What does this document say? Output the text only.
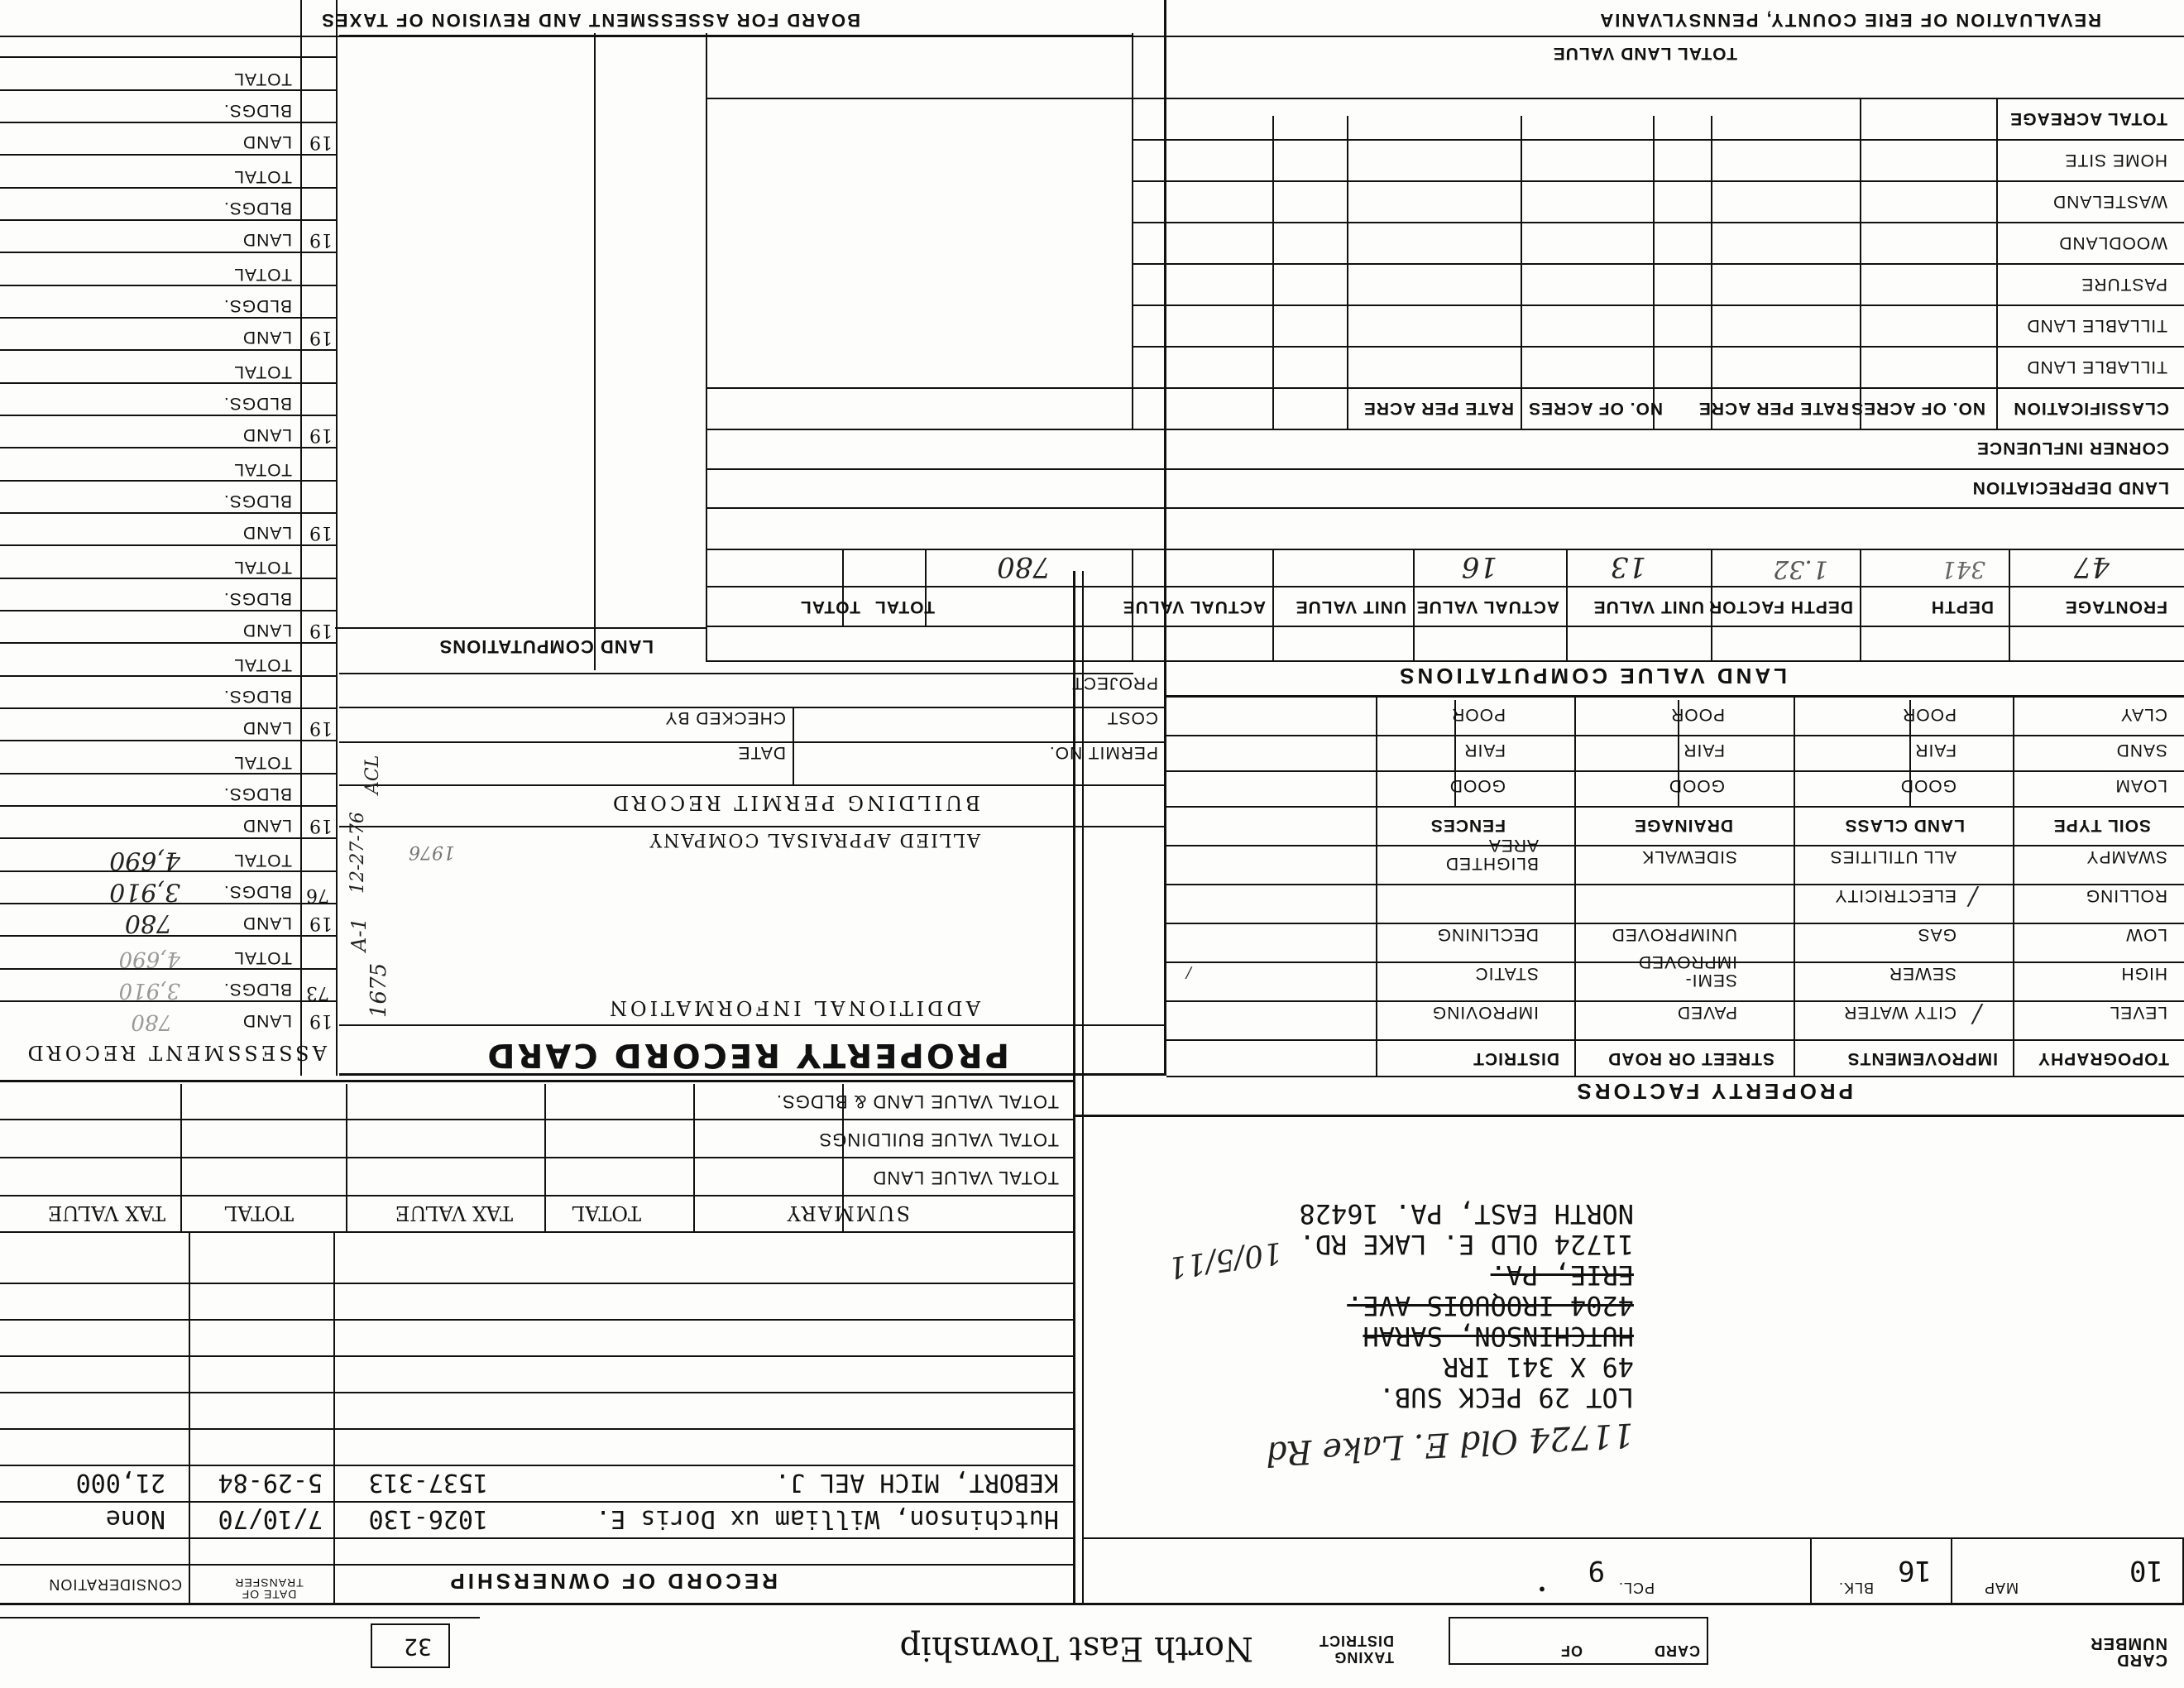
CARD NUMBER
CARD
OF
TAXING DISTRICT
North East Township
32
MAP
10
BLK.
16
PCL.
9
•
11724 Old E. Lake Rd
LOT 29 PECK SUB.
49 X 341 IRR
HUTCHINSON, SARAH
4204 IROQUOIS AVE.
ERIE, PA.
11724 OLD E. LAKE RD.
NORTH EAST, PA. 16428
10/5/11
RECORD OF OWNERSHIP
DATE OF TRANSFER
CONSIDERATION
Hutchinson, William ux Doris E.
1026-130
7/10/70
None
KEBORT, MICH AEL J.
1537-313
5-29-84
21,000
SUMMARY
TOTAL
TAX VALUE
TOTAL
TAX VALUE
TOTAL VALUE LAND
TOTAL VALUE BUILDINGS
TOTAL VALUE LAND & BLDGS.	PROPERTY FACTORS
TOPOGRAPHY
IMPROVEMENTS
STREET OR ROAD
DISTRICT
LEVEL
HIGH
LOW
ROLLING
SWAMPY
CITY WATER
SEWER
GAS
ELECTRICITY
ALL UTILITIES
PAVED
SEMI-IMPROVED
UNIMPROVED
SIDEWALK
IMPROVING
STATIC
DECLINING
BLIGHTED AREA
/
/
/
SOIL TYPE
LAND CLASS
DRAINAGE
FENCES
LOAM
SAND
CLAY
GOOD
FAIR
POOR
GOOD
FAIR
POOR
GOOD
FAIR
POOR
LAND VALUE COMPUTATIONS
FRONTAGE
DEPTH
DEPTH FACTOR
UNIT VALUE
ACTUAL VALUE
UNIT VALUE
ACTUAL VALUE
TOTAL
TOTAL
47
341
1.32
13
16
780
LAND DEPRECIATION
CORNER INFLUENCE
CLASSIFICATION
NO. OF ACRES
RATE PER ACRE
NO. OF ACRES
RATE PER ACRE
TILLABLE LAND
TILLABLE LAND
PASTURE
WOODLAND
WASTELAND
HOME SITE
TOTAL ACREAGE
TOTAL LAND VALUE
PROPERTY RECORD CARD
ADDITIONAL INFORMATION
ASSESSMENT RECORD
ALLIED APPRAISAL COMPANY
1976
BUILDING PERMIT RECORD
PERMIT NO.
DATE
COST
CHECKED BY
PROJECT
LAND COMPUTATIONS
BOARD FOR ASSESSMENT AND REVISION OF TAXES	REVALUATION OF ERIE COUNTY, PENNSYLVANIA
19
73
LAND
BLDGS.
TOTAL
780
3,910
4,690
19
76
LAND
BLDGS.
TOTAL
780
3,910
4,690
1675
A-1
12-27-76
ACL
19
LAND
BLDGS.
TOTAL
19
LAND
BLDGS.
TOTAL
19
LAND
BLDGS.
TOTAL
19
LAND
BLDGS.
TOTAL
19
LAND
BLDGS.
TOTAL
19
LAND
BLDGS.
TOTAL
19
LAND
BLDGS.
TOTAL
19
LAND
BLDGS.
TOTAL
